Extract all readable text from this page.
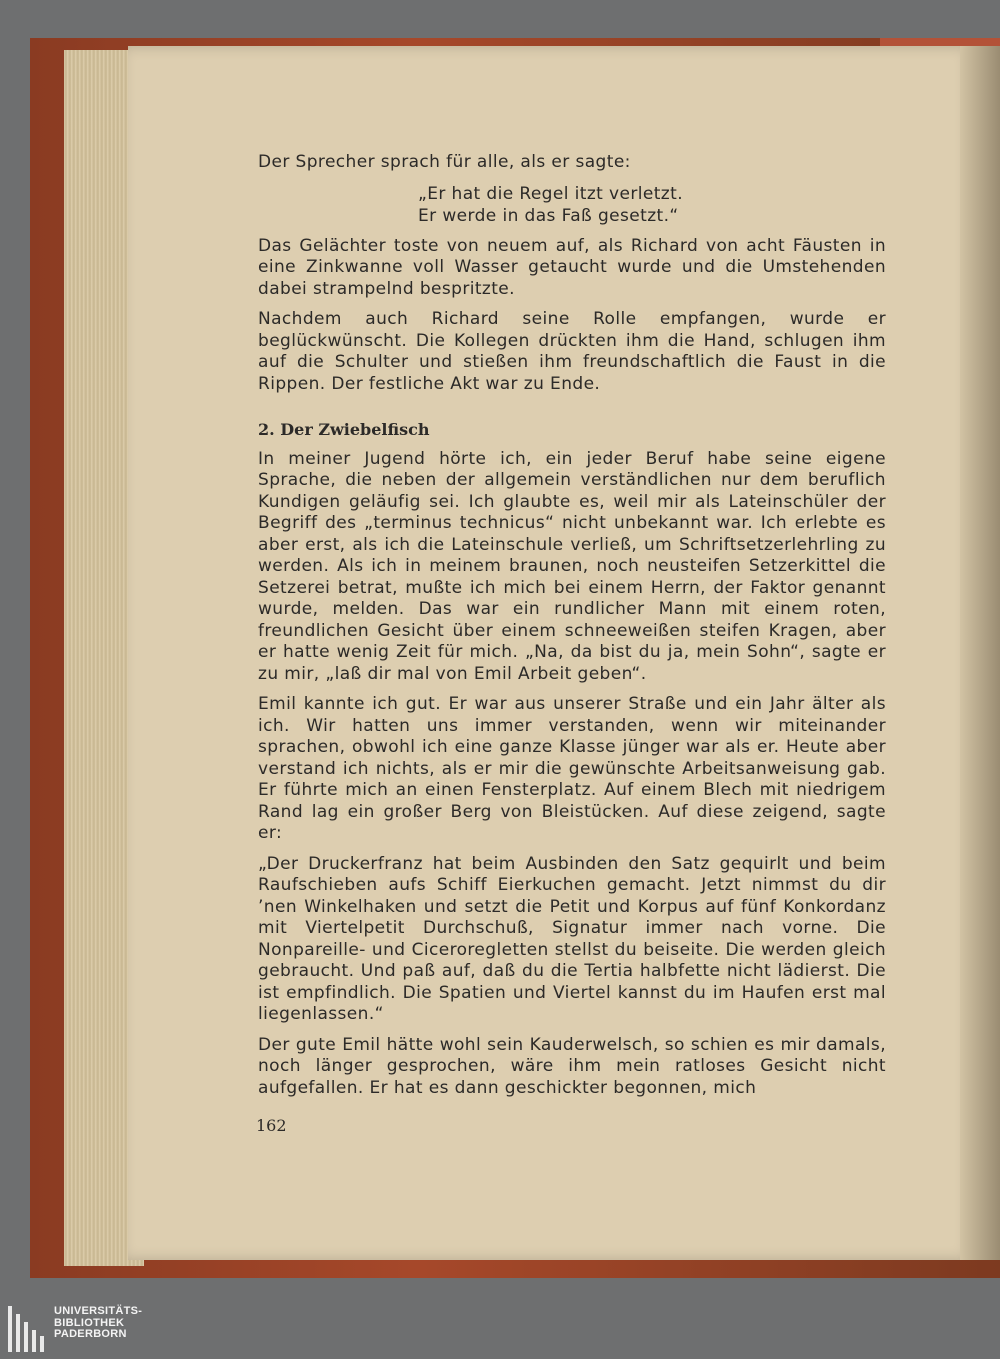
Der Sprecher sprach für alle, als er sagte:

„Er hat die Regel itzt verletzt.
Er werde in das Faß gesetzt.“

Das Gelächter toste von neuem auf, als Richard von acht Fäusten in eine Zinkwanne voll Wasser getaucht wurde und die Umstehenden dabei strampelnd bespritzte.

Nachdem auch Richard seine Rolle empfangen, wurde er beglückwünscht. Die Kollegen drückten ihm die Hand, schlugen ihm auf die Schulter und stießen ihm freundschaftlich die Faust in die Rippen. Der festliche Akt war zu Ende.

2. Der Zwiebelfisch

In meiner Jugend hörte ich, ein jeder Beruf habe seine eigene Sprache, die neben der allgemein verständlichen nur dem beruflich Kundigen geläufig sei. Ich glaubte es, weil mir als Lateinschüler der Begriff des „terminus technicus“ nicht unbekannt war. Ich erlebte es aber erst, als ich die Lateinschule verließ, um Schriftsetzerlehrling zu werden. Als ich in meinem braunen, noch neusteifen Setzerkittel die Setzerei betrat, mußte ich mich bei einem Herrn, der Faktor genannt wurde, melden. Das war ein rundlicher Mann mit einem roten, freundlichen Gesicht über einem schneeweißen steifen Kragen, aber er hatte wenig Zeit für mich. „Na, da bist du ja, mein Sohn“, sagte er zu mir, „laß dir mal von Emil Arbeit geben“.

Emil kannte ich gut. Er war aus unserer Straße und ein Jahr älter als ich. Wir hatten uns immer verstanden, wenn wir miteinander sprachen, obwohl ich eine ganze Klasse jünger war als er. Heute aber verstand ich nichts, als er mir die gewünschte Arbeitsanweisung gab. Er führte mich an einen Fensterplatz. Auf einem Blech mit niedrigem Rand lag ein großer Berg von Bleistücken. Auf diese zeigend, sagte er:

„Der Druckerfranz hat beim Ausbinden den Satz gequirlt und beim Raufschieben aufs Schiff Eierkuchen gemacht. Jetzt nimmst du dir ’nen Winkelhaken und setzt die Petit und Korpus auf fünf Konkordanz mit Viertelpetit Durchschuß, Signatur immer nach vorne. Die Nonpareille- und Ciceroregletten stellst du beiseite. Die werden gleich gebraucht. Und paß auf, daß du die Tertia halbfette nicht lädierst. Die ist empfindlich. Die Spatien und Viertel kannst du im Haufen erst mal liegenlassen.“

Der gute Emil hätte wohl sein Kauderwelsch, so schien es mir damals, noch länger gesprochen, wäre ihm mein ratloses Gesicht nicht aufgefallen. Er hat es dann geschickter begonnen, mich

162
UNIVERSITÄTS-
BIBLIOTHEK
PADERBORN
